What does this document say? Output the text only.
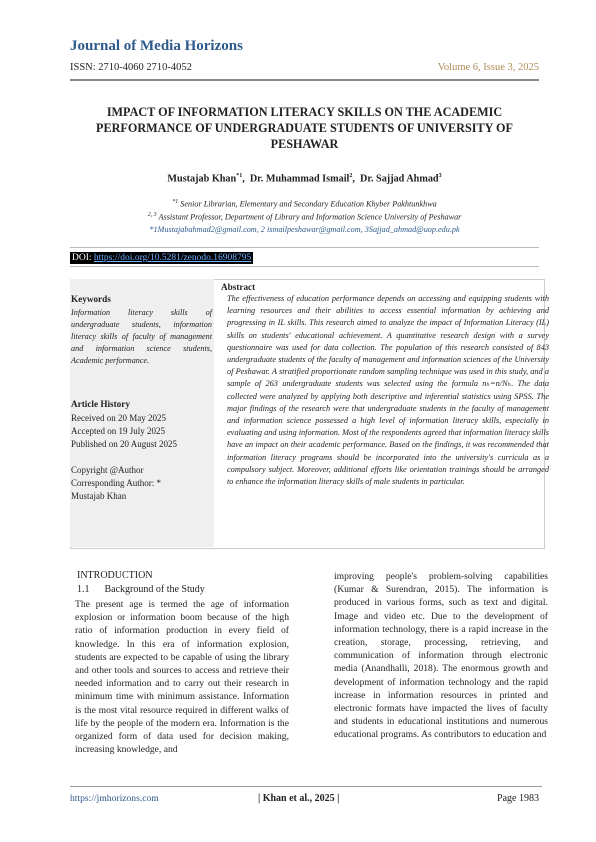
Journal of Media Horizons
ISSN: 2710-4060 2710-4052	Volume 6, Issue 3, 2025
IMPACT OF INFORMATION LITERACY SKILLS ON THE ACADEMIC PERFORMANCE OF UNDERGRADUATE STUDENTS OF UNIVERSITY OF PESHAWAR
Mustajab Khan$^{*1}$,  Dr. Muhammad Ismail$^2$,  Dr. Sajjad Ahmad$^3$
$^{*1}$ Senior Librarian, Elementary and Secondary Education Khyber Pakhtunkhwa
$^{2, 3}$ Assistant Professor, Department of Library and Information Science University of Peshawar
*1Mustajabahmad2@gmail.com, 2 ismailpeshawar@gmail.com, 3Sajjad_ahmad@uop.edu.pk
DOI: https://doi.org/10.5281/zenodo.16908795
Keywords
Information literacy skills of undergraduate students, information literacy skills of faculty of management and information science students, Academic performance.
Article History
Received on 20 May 2025
Accepted on 19 July 2025
Published on 20 August 2025
Copyright @Author
Corresponding Author: *
Mustajab Khan
Abstract
The effectiveness of education performance depends on accessing and equipping students with learning resources and their abilities to access essential information by achieving and progressing in IL skills. This research aimed to analyze the impact of Information Literacy (IL) skills on students' educational achievement. A quantitative research design with a survey questionnaire was used for data collection. The population of this research consisted of 843 undergraduate students of the faculty of management and information sciences of the University of Peshawar. A stratified proportionate random sampling technique was used in this study, and a sample of 263 undergraduate students was selected using the formula nₕ=n/Nₕ. The data collected were analyzed by applying both descriptive and inferential statistics using SPSS. The major findings of the research were that undergraduate students in the faculty of management and information science possessed a high level of information literacy skills, especially in evaluating and using information. Most of the respondents agreed that information literacy skills have an impact on their academic performance. Based on the findings, it was recommended that information literacy programs should be incorporated into the university's curricula as a compulsory subject. Moreover, additional efforts like orientation trainings should be arranged to enhance the information literacy skills of male students in particular.
INTRODUCTION
1.1 Background of the Study
The present age is termed the age of information explosion or information boom because of the high ratio of information production in every field of knowledge. In this era of information explosion, students are expected to be capable of using the library and other tools and sources to access and retrieve their needed information and to carry out their research in minimum time with minimum assistance. Information is the most vital resource required in different walks of life by the people of the modern era. Information is the organized form of data used for decision making, increasing knowledge, and
improving people's problem-solving capabilities (Kumar & Surendran, 2015). The information is produced in various forms, such as text and digital. Image and video etc. Due to the development of information technology, there is a rapid increase in the creation, storage, processing, retrieving, and communication of information through electronic media (Anandhalli, 2018). The enormous growth and development of information technology and the rapid increase in information resources in printed and electronic formats have impacted the lives of faculty and students in educational institutions and numerous educational programs. As contributors to education and
https://jmhorizons.com	| Khan et al., 2025 |	Page 1983
